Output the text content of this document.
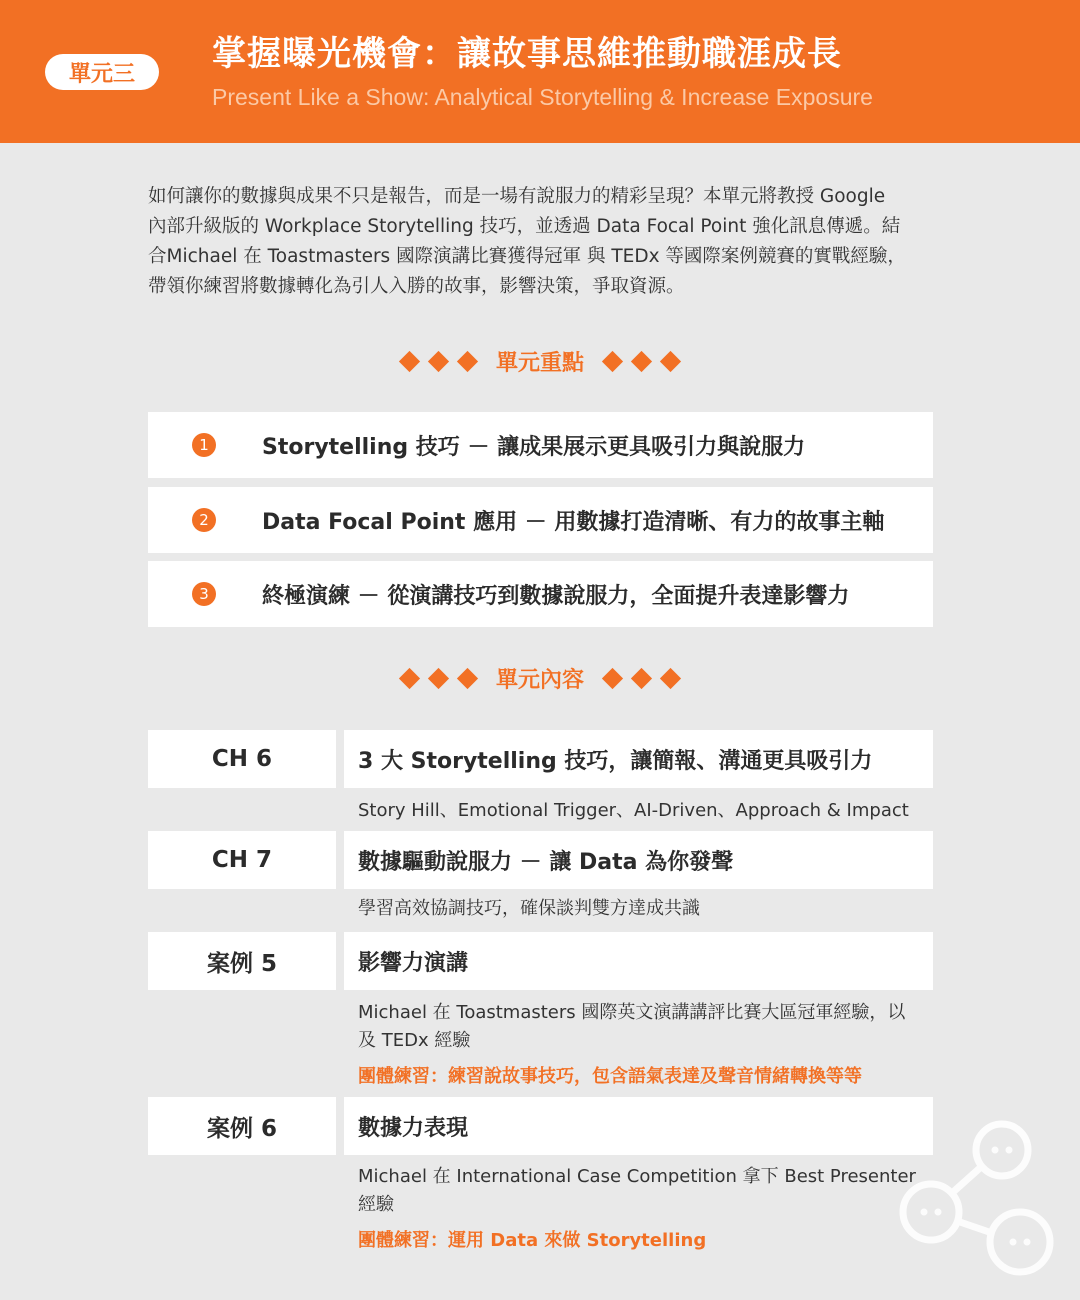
單元三	掌握曝光機會：讓故事思維推動職涯成長
Present Like a Show: Analytical Storytelling & Increase Exposure
如何讓你的數據與成果不只是報告，而是一場有說服力的精彩呈現？本單元將教授 Google
內部升級版的 Workplace Storytelling 技巧，並透過 Data Focal Point 強化訊息傳遞。結
合Michael 在 Toastmasters 國際演講比賽獲得冠軍 與 TEDx 等國際案例競賽的實戰經驗，
帶領你練習將數據轉化為引人入勝的故事，影響決策，爭取資源。
單元重點
1	Storytelling 技巧 － 讓成果展示更具吸引力與說服力
2	Data Focal Point 應用 － 用數據打造清晰、有力的故事主軸
3	終極演練 － 從演講技巧到數據說服力，全面提升表達影響力
單元內容
CH 6	3 大 Storytelling 技巧，讓簡報、溝通更具吸引力
Story Hill、Emotional Trigger、AI-Driven、Approach & Impact
CH 7	數據驅動說服力 － 讓 Data 為你發聲
學習高效協調技巧，確保談判雙方達成共識
案例 5	影響力演講
Michael 在 Toastmasters 國際英文演講講評比賽大區冠軍經驗，以及 TEDx 經驗
團體練習：練習說故事技巧，包含語氣表達及聲音情緒轉換等等
案例 6	數據力表現
Michael 在 International Case Competition 拿下 Best Presenter 經驗
團體練習：運用 Data 來做 Storytelling
